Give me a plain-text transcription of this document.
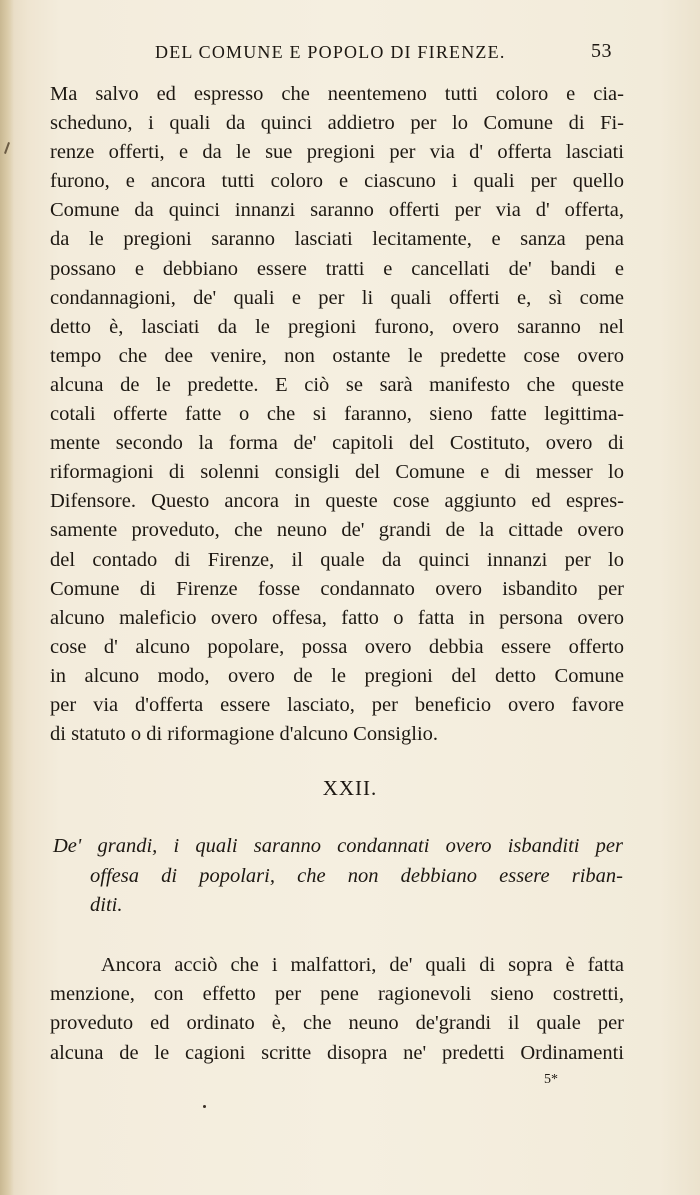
DEL COMUNE E POPOLO DI FIRENZE.	53
Ma salvo ed espresso che neentemeno tutti coloro e cia-
scheduno, i quali da quinci addietro per lo Comune di Fi-
renze offerti, e da le sue pregioni per via d' offerta lasciati
furono, e ancora tutti coloro e ciascuno i quali per quello
Comune da quinci innanzi saranno offerti per via d' offerta,
da le pregioni saranno lasciati lecitamente, e sanza pena
possano e debbiano essere tratti e cancellati de' bandi e
condannagioni, de' quali e per li quali offerti e, sì come
detto è, lasciati da le pregioni furono, overo saranno nel
tempo che dee venire, non ostante le predette cose overo
alcuna de le predette. E ciò se sarà manifesto che queste
cotali offerte fatte o che si faranno, sieno fatte legittima-
mente secondo la forma de' capitoli del Costituto, overo di
riformagioni di solenni consigli del Comune e di messer lo
Difensore. Questo ancora in queste cose aggiunto ed espres-
samente proveduto, che neuno de' grandi de la cittade overo
del contado di Firenze, il quale da quinci innanzi per lo
Comune di Firenze fosse condannato overo isbandito per
alcuno maleficio overo offesa, fatto o fatta in persona overo
cose d' alcuno popolare, possa overo debbia essere offerto
in alcuno modo, overo de le pregioni del detto Comune
per via d'offerta essere lasciato, per beneficio overo favore
di statuto o di riformagione d'alcuno Consiglio.
XXII.
De' grandi, i quali saranno condannati overo isbanditi per
offesa di popolari, che non debbiano essere riban-
diti.
Ancora acciò che i malfattori, de' quali di sopra è fatta
menzione, con effetto per pene ragionevoli sieno costretti,
proveduto ed ordinato è, che neuno de'grandi il quale per
alcuna de le cagioni scritte disopra ne' predetti Ordinamenti
5*
